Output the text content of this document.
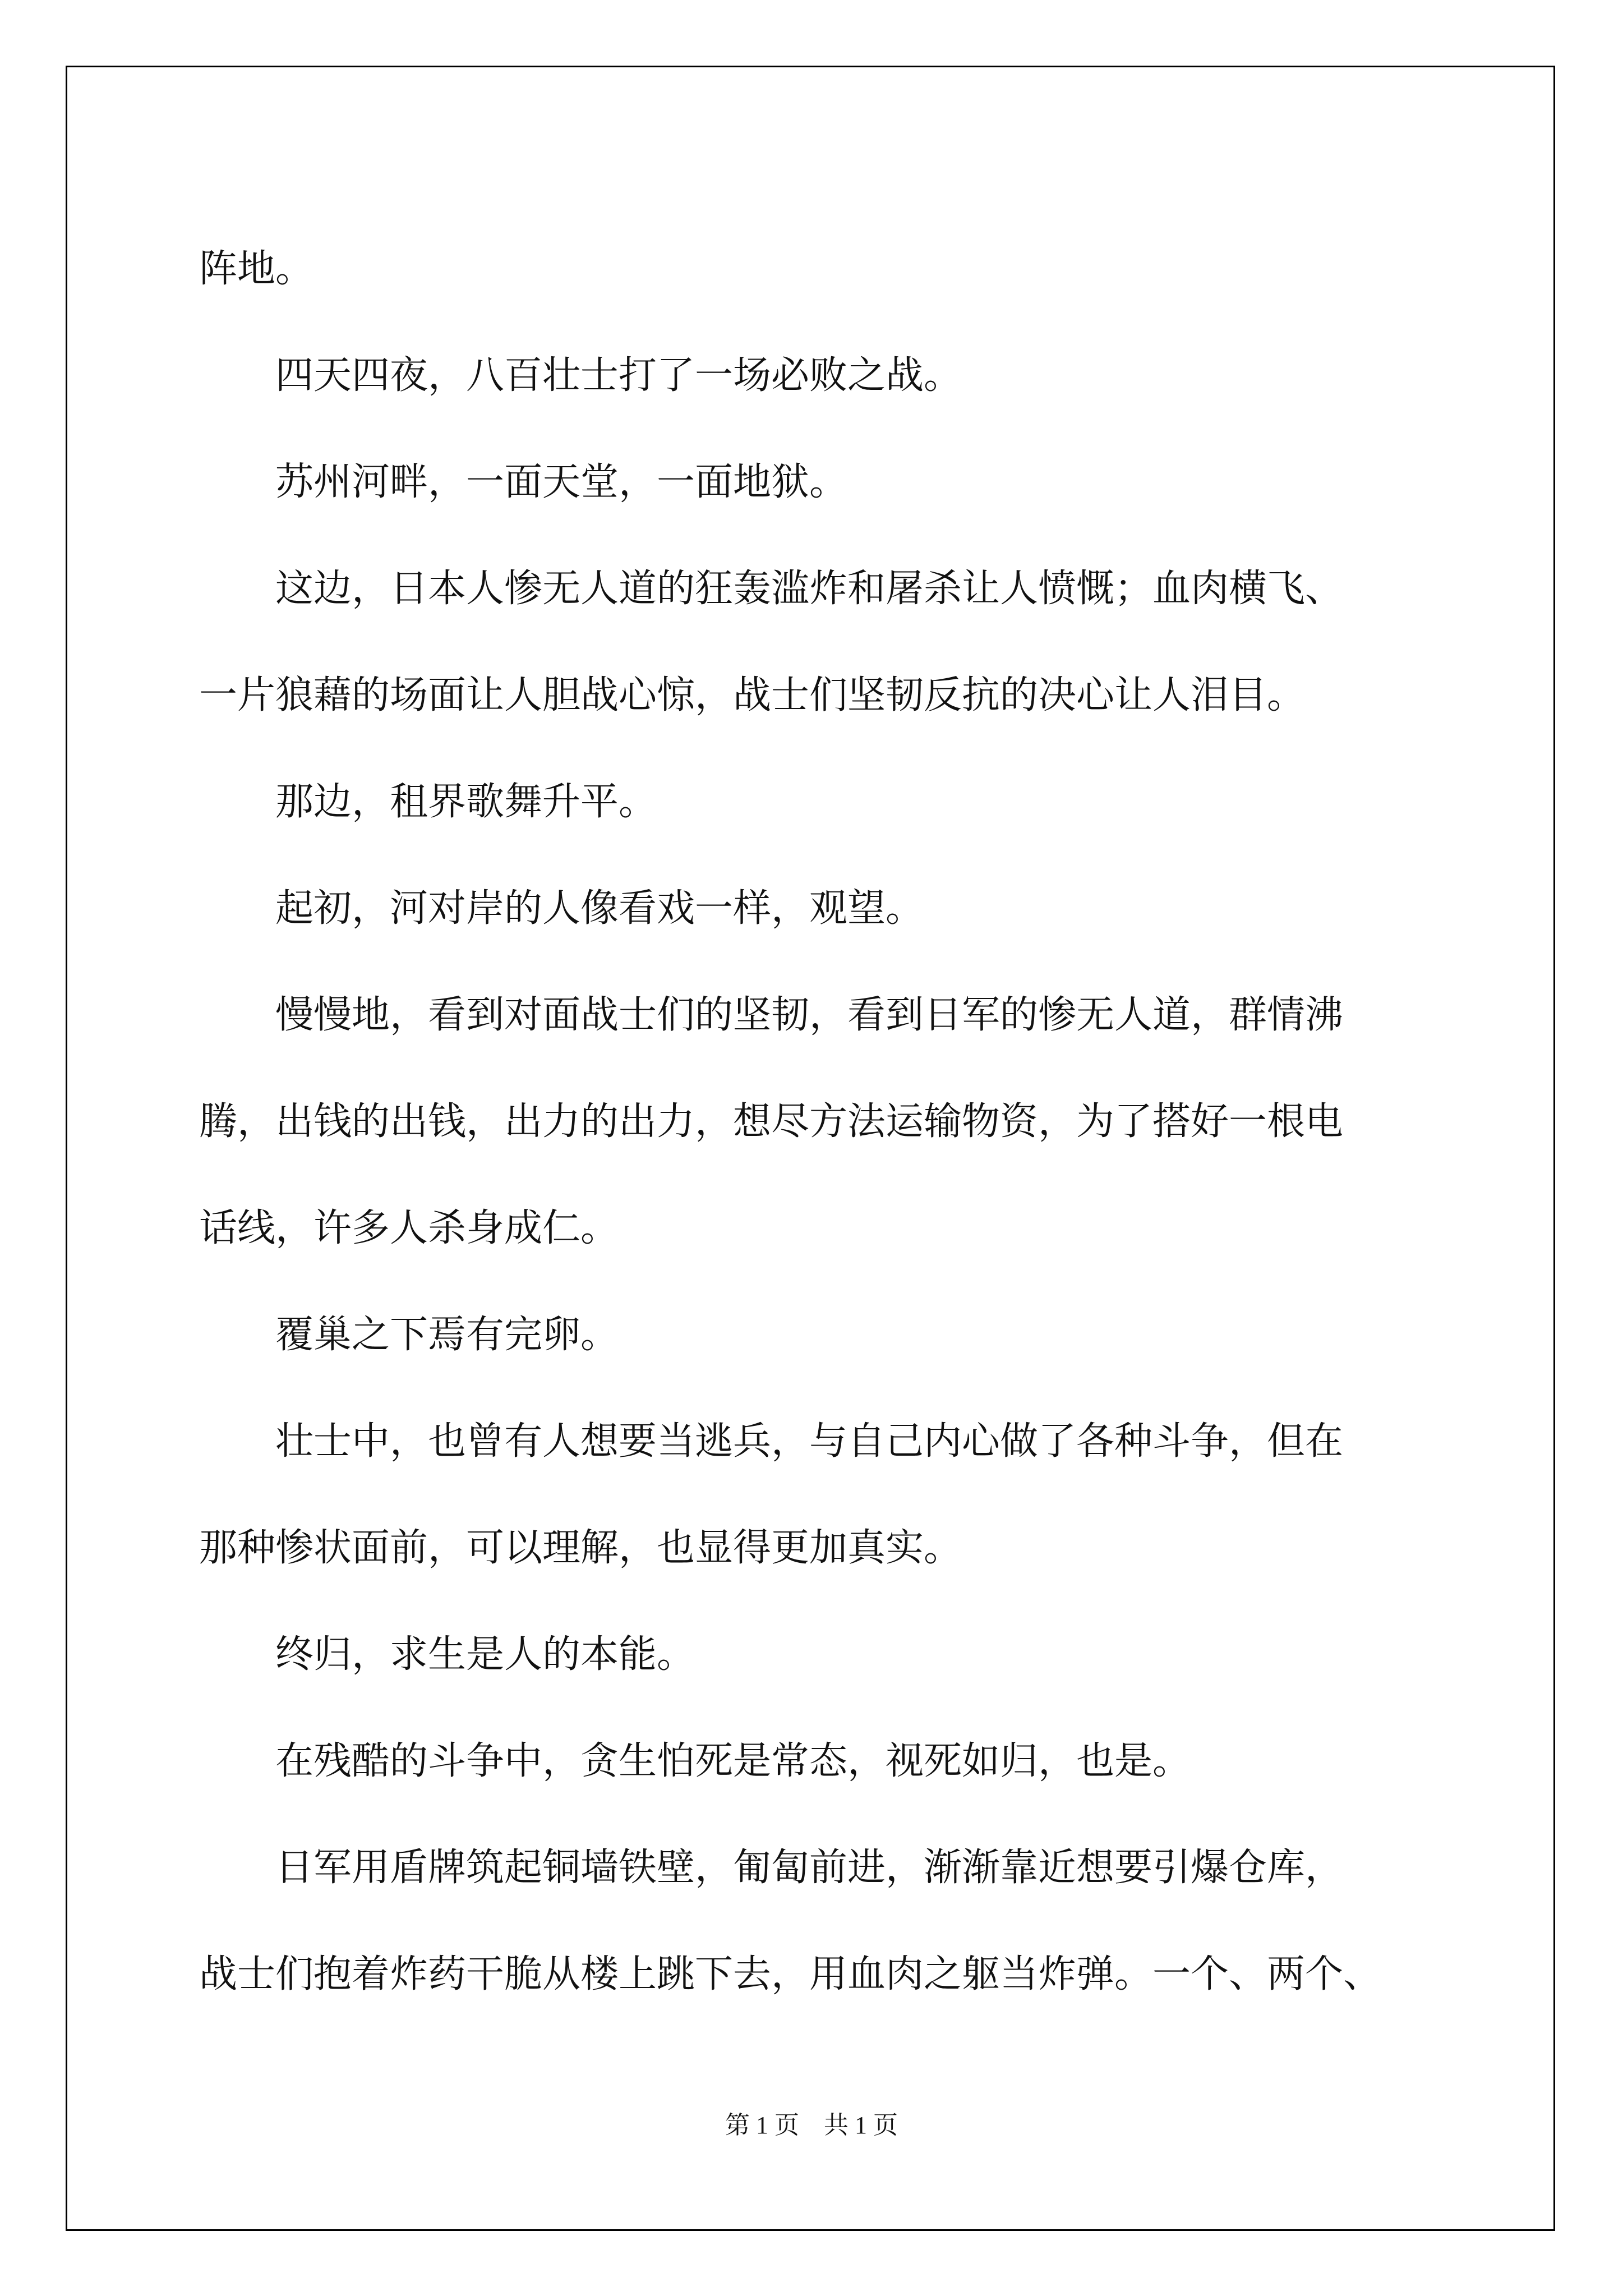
阵地。
　　四天四夜，八百壮士打了一场必败之战。
　　苏州河畔，一面天堂，一面地狱。
　　这边，日本人惨无人道的狂轰滥炸和屠杀让人愤慨；血肉横飞、
一片狼藉的场面让人胆战心惊，战士们坚韧反抗的决心让人泪目。
　　那边，租界歌舞升平。
　　起初，河对岸的人像看戏一样，观望。
　　慢慢地，看到对面战士们的坚韧，看到日军的惨无人道，群情沸
腾，出钱的出钱，出力的出力，想尽方法运输物资，为了搭好一根电
话线，许多人杀身成仁。
　　覆巢之下焉有完卵。
　　壮士中，也曾有人想要当逃兵，与自己内心做了各种斗争，但在
那种惨状面前，可以理解，也显得更加真实。
　　终归，求生是人的本能。
　　在残酷的斗争中，贪生怕死是常态，视死如归，也是。
　　日军用盾牌筑起铜墙铁壁，匍匐前进，渐渐靠近想要引爆仓库，
战士们抱着炸药干脆从楼上跳下去，用血肉之躯当炸弹。一个、两个、
第 1 页　共 1 页
